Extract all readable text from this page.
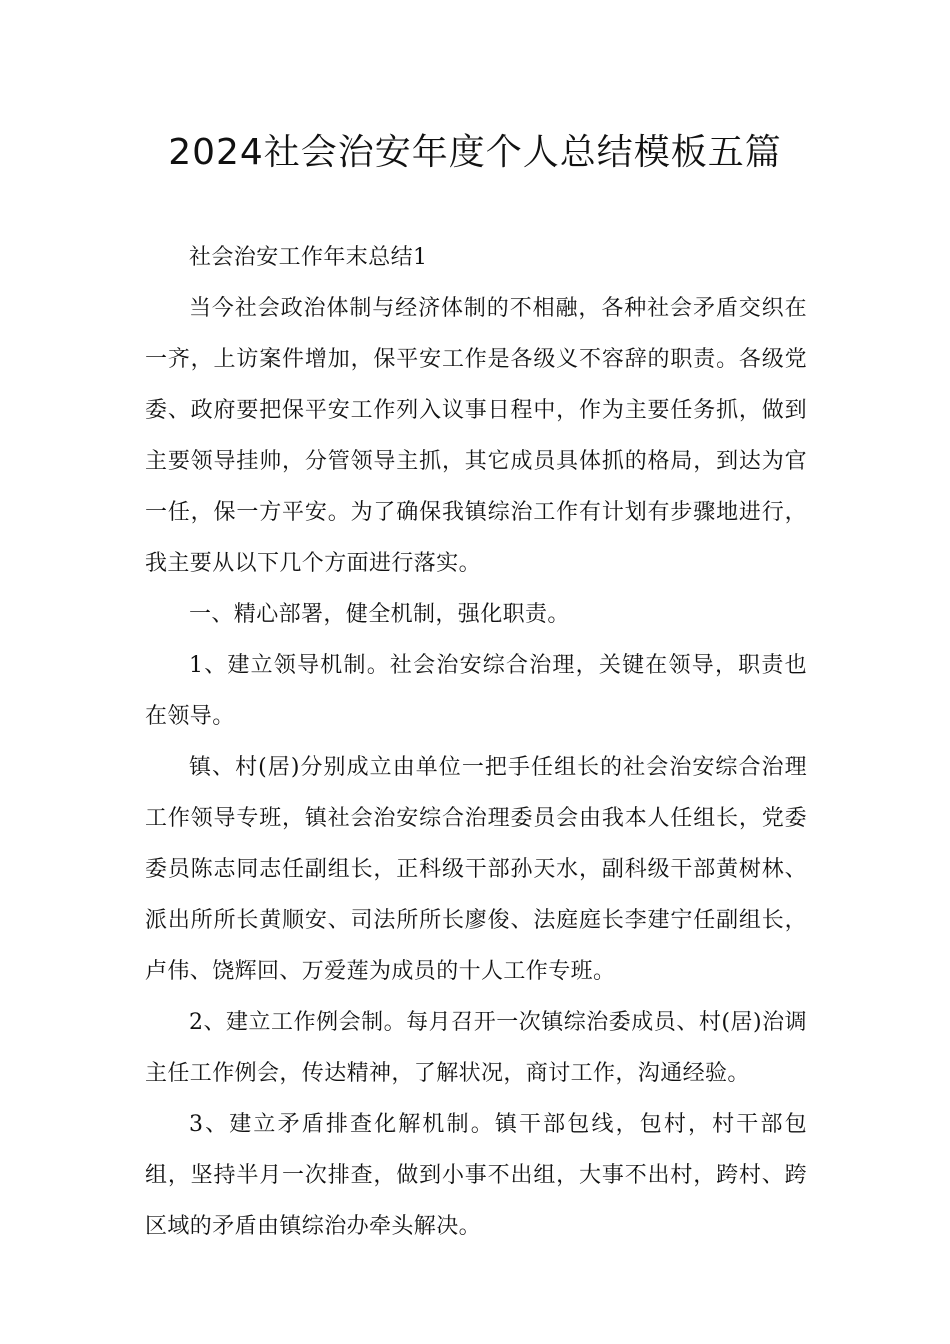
2024社会治安年度个人总结模板五篇

社会治安工作年末总结1

当今社会政治体制与经济体制的不相融，各种社会矛盾交织在一齐，上访案件增加，保平安工作是各级义不容辞的职责。各级党委、政府要把保平安工作列入议事日程中，作为主要任务抓，做到主要领导挂帅，分管领导主抓，其它成员具体抓的格局，到达为官一任，保一方平安。为了确保我镇综治工作有计划有步骤地进行，我主要从以下几个方面进行落实。

一、精心部署，健全机制，强化职责。

1、建立领导机制。社会治安综合治理，关键在领导，职责也在领导。

镇、村(居)分别成立由单位一把手任组长的社会治安综合治理工作领导专班，镇社会治安综合治理委员会由我本人任组长，党委委员陈志同志任副组长，正科级干部孙天水，副科级干部黄树林、派出所所长黄顺安、司法所所长廖俊、法庭庭长李建宁任副组长，卢伟、饶辉回、万爱莲为成员的十人工作专班。

2、建立工作例会制。每月召开一次镇综治委成员、村(居)治调主任工作例会，传达精神，了解状况，商讨工作，沟通经验。

3、建立矛盾排查化解机制。镇干部包线，包村，村干部包组，坚持半月一次排查，做到小事不出组，大事不出村，跨村、跨区域的矛盾由镇综治办牵头解决。
